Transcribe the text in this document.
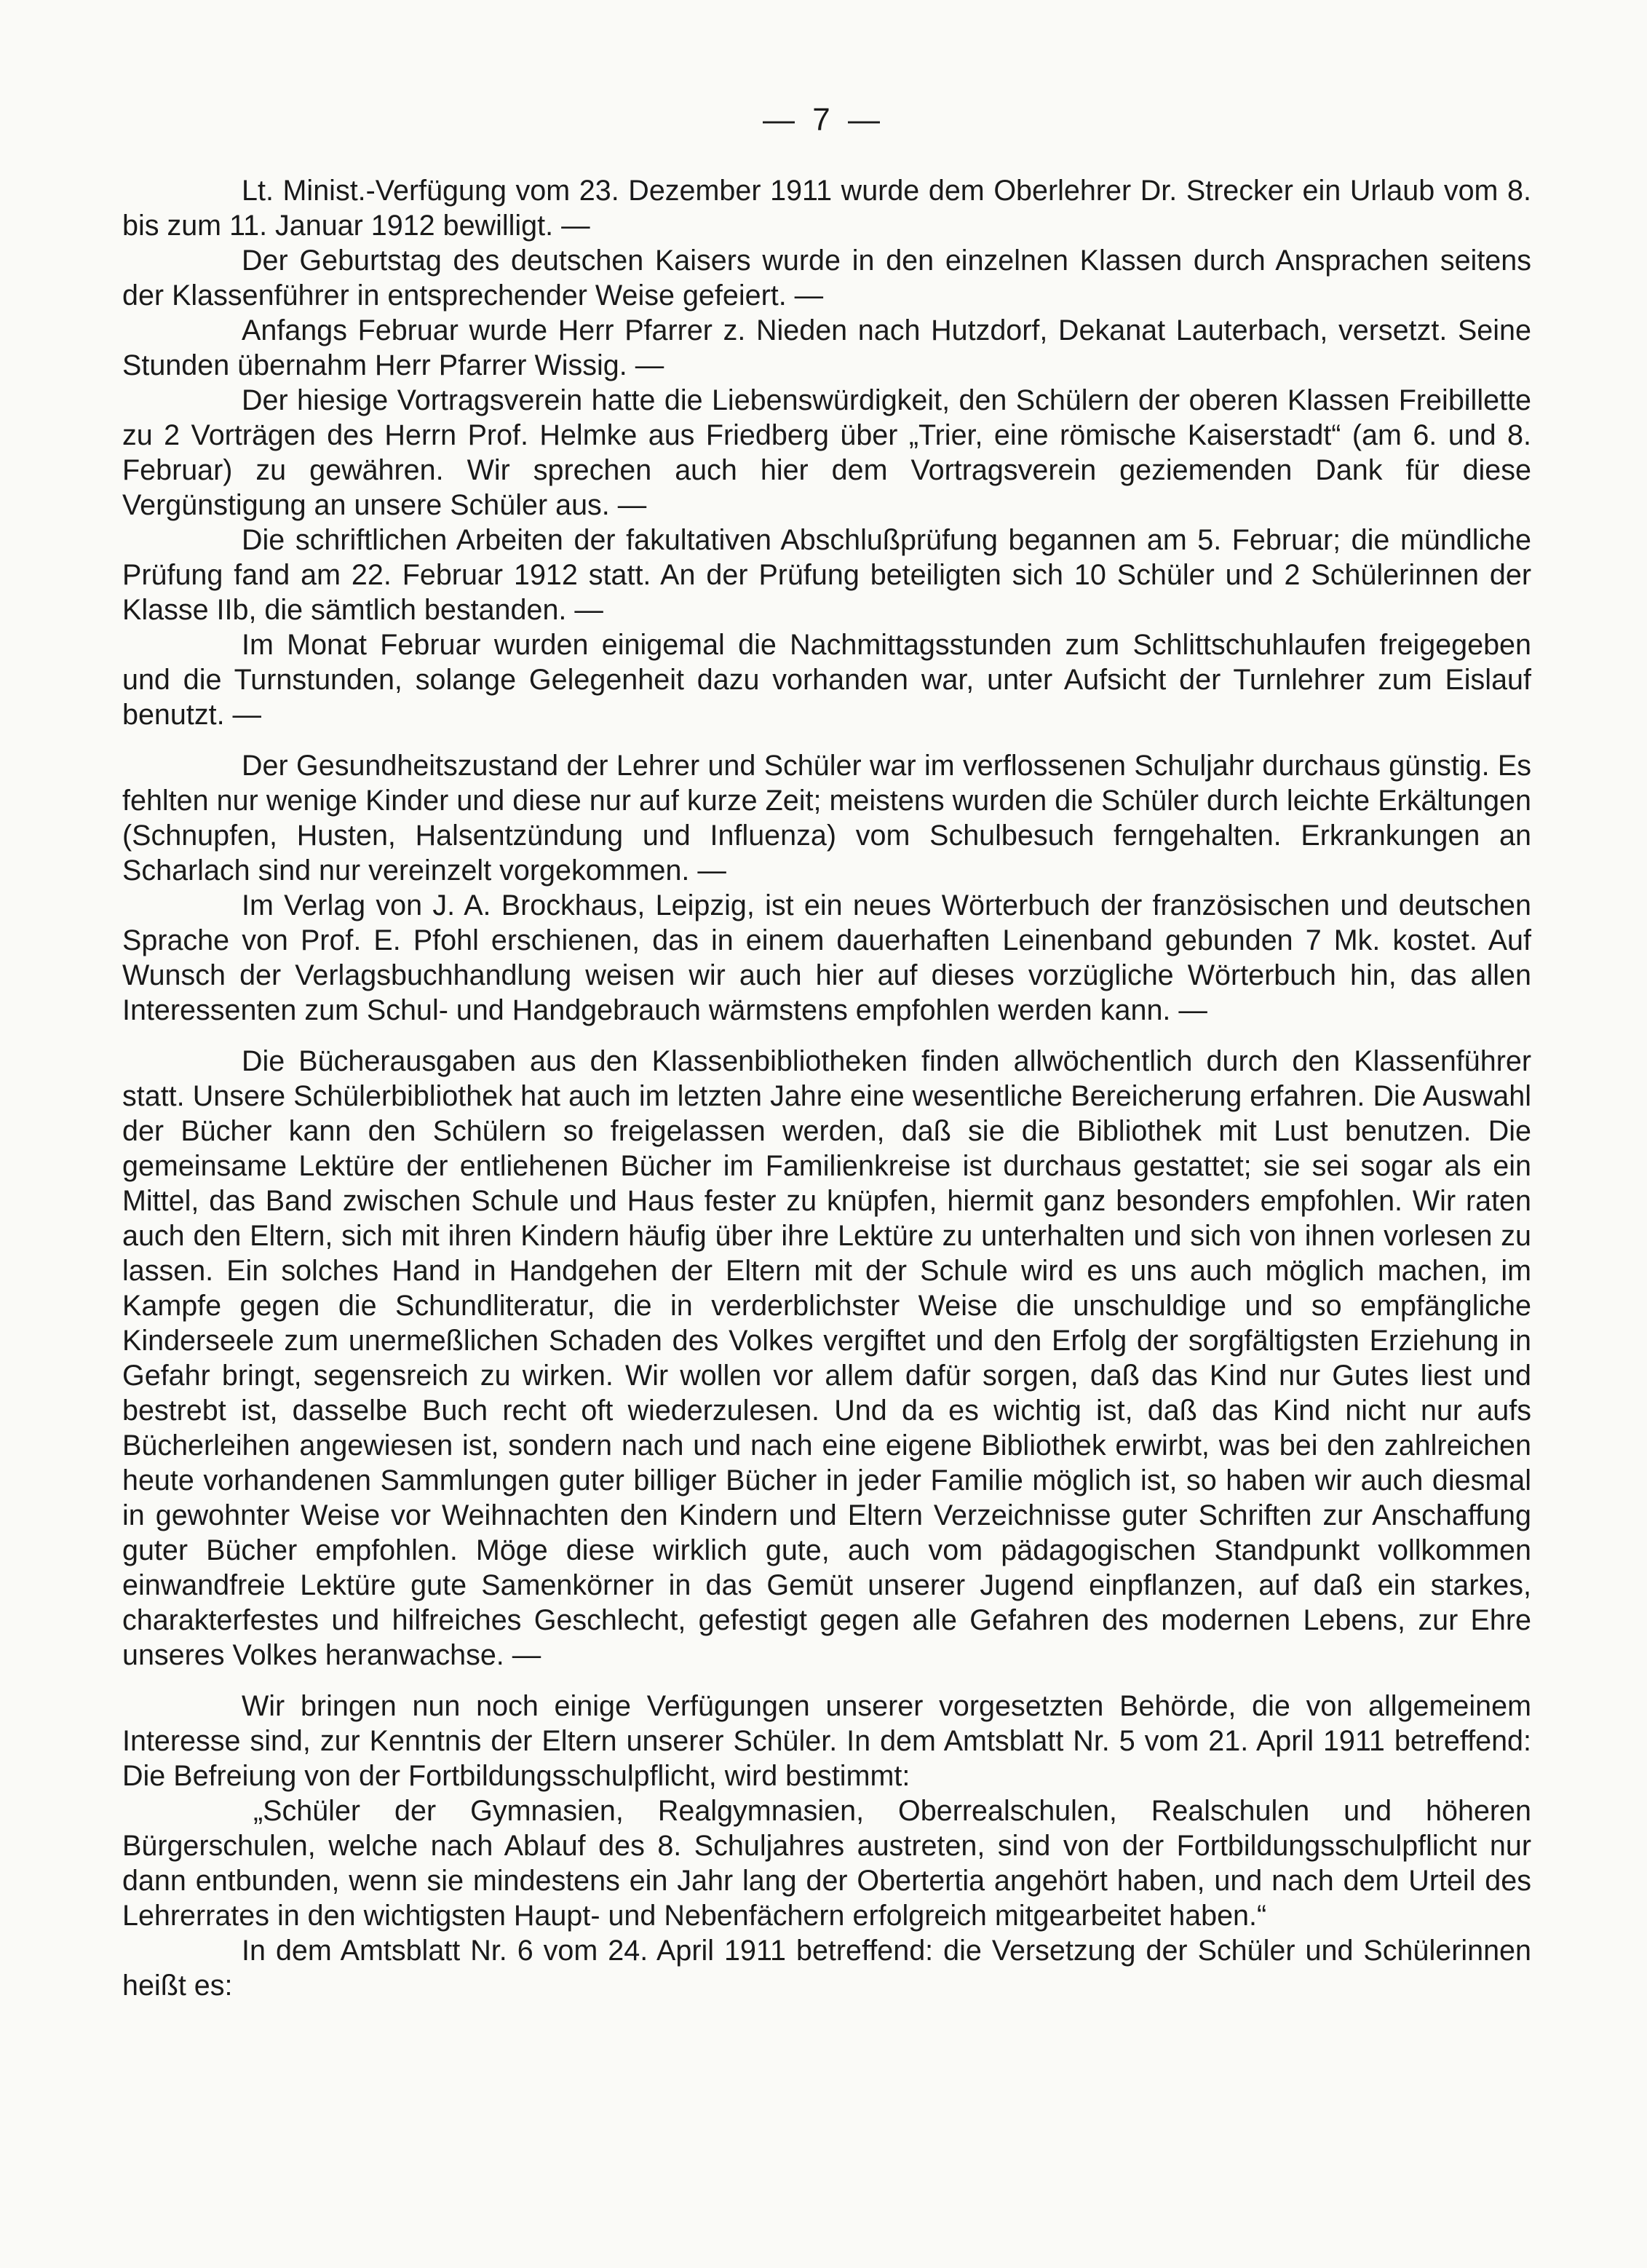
— 7 —

Lt. Minist.-Verfügung vom 23. Dezember 1911 wurde dem Oberlehrer Dr. Strecker ein Urlaub vom 8. bis zum 11. Januar 1912 bewilligt. —

Der Geburtstag des deutschen Kaisers wurde in den einzelnen Klassen durch Ansprachen seitens der Klassenführer in entsprechender Weise gefeiert. —

Anfangs Februar wurde Herr Pfarrer z. Nieden nach Hutzdorf, Dekanat Lauterbach, versetzt. Seine Stunden übernahm Herr Pfarrer Wissig. —

Der hiesige Vortragsverein hatte die Liebenswürdigkeit, den Schülern der oberen Klassen Freibillette zu 2 Vorträgen des Herrn Prof. Helmke aus Friedberg über „Trier, eine römische Kaiserstadt“ (am 6. und 8. Februar) zu gewähren. Wir sprechen auch hier dem Vortragsverein geziemenden Dank für diese Vergünstigung an unsere Schüler aus. —

Die schriftlichen Arbeiten der fakultativen Abschlußprüfung begannen am 5. Februar; die mündliche Prüfung fand am 22. Februar 1912 statt. An der Prüfung beteiligten sich 10 Schüler und 2 Schülerinnen der Klasse IIb, die sämtlich bestanden. —

Im Monat Februar wurden einigemal die Nachmittagsstunden zum Schlittschuhlaufen freigegeben und die Turnstunden, solange Gelegenheit dazu vorhanden war, unter Aufsicht der Turnlehrer zum Eislauf benutzt. —

Der Gesundheitszustand der Lehrer und Schüler war im verflossenen Schuljahr durchaus günstig. Es fehlten nur wenige Kinder und diese nur auf kurze Zeit; meistens wurden die Schüler durch leichte Erkältungen (Schnupfen, Husten, Halsentzündung und Influenza) vom Schulbesuch ferngehalten. Erkrankungen an Scharlach sind nur vereinzelt vorgekommen. —

Im Verlag von J. A. Brockhaus, Leipzig, ist ein neues Wörterbuch der französischen und deutschen Sprache von Prof. E. Pfohl erschienen, das in einem dauerhaften Leinenband gebunden 7 Mk. kostet. Auf Wunsch der Verlagsbuchhandlung weisen wir auch hier auf dieses vorzügliche Wörterbuch hin, das allen Interessenten zum Schul- und Handgebrauch wärmstens empfohlen werden kann. —

Die Bücherausgaben aus den Klassenbibliotheken finden allwöchentlich durch den Klassenführer statt. Unsere Schülerbibliothek hat auch im letzten Jahre eine wesentliche Bereicherung erfahren. Die Auswahl der Bücher kann den Schülern so freigelassen werden, daß sie die Bibliothek mit Lust benutzen. Die gemeinsame Lektüre der entliehenen Bücher im Familienkreise ist durchaus gestattet; sie sei sogar als ein Mittel, das Band zwischen Schule und Haus fester zu knüpfen, hiermit ganz besonders empfohlen. Wir raten auch den Eltern, sich mit ihren Kindern häufig über ihre Lektüre zu unterhalten und sich von ihnen vorlesen zu lassen. Ein solches Hand in Handgehen der Eltern mit der Schule wird es uns auch möglich machen, im Kampfe gegen die Schundliteratur, die in verderblichster Weise die unschuldige und so empfängliche Kinderseele zum unermeßlichen Schaden des Volkes vergiftet und den Erfolg der sorgfältigsten Erziehung in Gefahr bringt, segensreich zu wirken. Wir wollen vor allem dafür sorgen, daß das Kind nur Gutes liest und bestrebt ist, dasselbe Buch recht oft wiederzulesen. Und da es wichtig ist, daß das Kind nicht nur aufs Bücherleihen angewiesen ist, sondern nach und nach eine eigene Bibliothek erwirbt, was bei den zahlreichen heute vorhandenen Sammlungen guter billiger Bücher in jeder Familie möglich ist, so haben wir auch diesmal in gewohnter Weise vor Weihnachten den Kindern und Eltern Verzeichnisse guter Schriften zur Anschaffung guter Bücher empfohlen. Möge diese wirklich gute, auch vom pädagogischen Standpunkt vollkommen einwandfreie Lektüre gute Samenkörner in das Gemüt unserer Jugend einpflanzen, auf daß ein starkes, charakterfestes und hilfreiches Geschlecht, gefestigt gegen alle Gefahren des modernen Lebens, zur Ehre unseres Volkes heranwachse. —

Wir bringen nun noch einige Verfügungen unserer vorgesetzten Behörde, die von allgemeinem Interesse sind, zur Kenntnis der Eltern unserer Schüler. In dem Amtsblatt Nr. 5 vom 21. April 1911 betreffend: Die Befreiung von der Fortbildungsschulpflicht, wird bestimmt:

„Schüler der Gymnasien, Realgymnasien, Oberrealschulen, Realschulen und höheren Bürgerschulen, welche nach Ablauf des 8. Schuljahres austreten, sind von der Fortbildungsschulpflicht nur dann entbunden, wenn sie mindestens ein Jahr lang der Obertertia angehört haben, und nach dem Urteil des Lehrerrates in den wichtigsten Haupt- und Nebenfächern erfolgreich mitgearbeitet haben.“

In dem Amtsblatt Nr. 6 vom 24. April 1911 betreffend: die Versetzung der Schüler und Schülerinnen heißt es:
